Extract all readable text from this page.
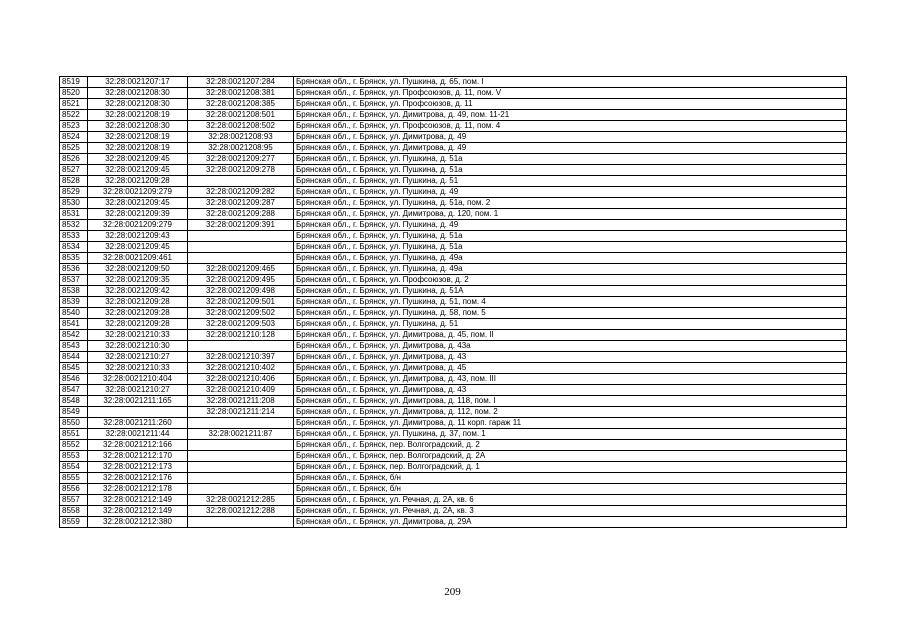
8519	32:28:0021207:17	32:28:0021207:284	Брянская обл., г. Брянск, ул. Пушкина, д. 65, пом. I
8520	32:28:0021208:30	32:28:0021208:381	Брянская обл., г. Брянск, ул. Профсоюзов, д. 11, пом. V
8521	32:28:0021208:30	32:28:0021208:385	Брянская обл., г. Брянск, ул. Профсоюзов, д. 11
8522	32:28:0021208:19	32:28:0021208:501	Брянская обл., г. Брянск, ул. Димитрова, д. 49, пом. 11-21
8523	32:28:0021208:30	32:28:0021208:502	Брянская обл., г. Брянск, ул. Профсоюзов, д. 11, пом. 4
8524	32:28:0021208:19	32:28:0021208:93	Брянская обл., г. Брянск, ул. Димитрова, д. 49
8525	32:28:0021208:19	32:28:0021208:95	Брянская обл., г. Брянск, ул. Димитрова, д. 49
8526	32:28:0021209:45	32:28:0021209:277	Брянская обл., г. Брянск, ул. Пушкина, д. 51а
8527	32:28:0021209:45	32:28:0021209:278	Брянская обл., г. Брянск, ул. Пушкина, д. 51а
8528	32:28:0021209:28		Брянская обл., г. Брянск, ул. Пушкина, д. 51
8529	32:28:0021209:279	32:28:0021209:282	Брянская обл., г. Брянск, ул. Пушкина, д. 49
8530	32:28:0021209:45	32:28:0021209:287	Брянская обл., г. Брянск, ул. Пушкина, д. 51а, пом. 2
8531	32:28:0021209:39	32:28:0021209:288	Брянская обл., г. Брянск, ул. Димитрова, д. 120, пом. 1
8532	32:28:0021209:279	32:28:0021209:391	Брянская обл., г. Брянск, ул. Пушкина, д. 49
8533	32:28:0021209:43		Брянская обл., г. Брянск, ул. Пушкина, д. 51а
8534	32:28:0021209:45		Брянская обл., г. Брянск, ул. Пушкина, д. 51а
8535	32:28:0021209:461		Брянская обл., г. Брянск, ул. Пушкина, д. 49а
8536	32:28:0021209:50	32:28:0021209:465	Брянская обл., г. Брянск, ул. Пушкина, д. 49а
8537	32:28:0021209:35	32:28:0021209:495	Брянская обл., г. Брянск, ул. Профсоюзов, д. 2
8538	32:28:0021209:42	32:28:0021209:498	Брянская обл., г. Брянск, ул. Пушкина, д. 51А
8539	32:28:0021209:28	32:28:0021209:501	Брянская обл., г. Брянск, ул. Пушкина, д. 51, пом. 4
8540	32:28:0021209:28	32:28:0021209:502	Брянская обл., г. Брянск, ул. Пушкина, д. 58, пом. 5
8541	32:28:0021209:28	32:28:0021209:503	Брянская обл., г. Брянск, ул. Пушкина, д. 51
8542	32:28:0021210:33	32:28:0021210:128	Брянская обл., г. Брянск, ул. Димитрова, д. 45, пом. II
8543	32:28:0021210:30		Брянская обл., г. Брянск, ул. Димитрова, д. 43а
8544	32:28:0021210:27	32:28:0021210:397	Брянская обл., г. Брянск, ул. Димитрова, д. 43
8545	32:28:0021210:33	32:28:0021210:402	Брянская обл., г. Брянск, ул. Димитрова, д. 45
8546	32:28:0021210:404	32:28:0021210:406	Брянская обл., г. Брянск, ул. Димитрова, д. 43, пом. III
8547	32:28:0021210:27	32:28:0021210:409	Брянская обл., г. Брянск, ул. Димитрова, д. 43
8548	32:28:0021211:165	32:28:0021211:208	Брянская обл., г. Брянск, ул. Димитрова, д. 118, пом. I
8549		32:28:0021211:214	Брянская обл., г. Брянск, ул. Димитрова, д. 112, пом. 2
8550	32:28:0021211:260		Брянская обл., г. Брянск, ул. Димитрова, д. 11 корп. гараж 11
8551	32:28:0021211:44	32:28:0021211:87	Брянская обл., г. Брянск, ул. Пушкина, д. 37, пом. 1
8552	32:28:0021212:166		Брянская обл., г. Брянск, пер. Волгоградский, д. 2
8553	32:28:0021212:170		Брянская обл., г. Брянск, пер. Волгоградский, д. 2А
8554	32:28:0021212:173		Брянская обл., г. Брянск, пер. Волгоградский, д. 1
8555	32:28:0021212:176		Брянская обл., г. Брянск, б/н
8556	32:28:0021212:178		Брянская обл., г. Брянск, б/н
8557	32:28:0021212:149	32:28:0021212:285	Брянская обл., г. Брянск, ул. Речная, д. 2А, кв. 6
8558	32:28:0021212:149	32:28:0021212:288	Брянская обл., г. Брянск, ул. Речная, д. 2А, кв. 3
8559	32:28:0021212:380		Брянская обл., г. Брянск, ул. Димитрова, д. 29А
209
